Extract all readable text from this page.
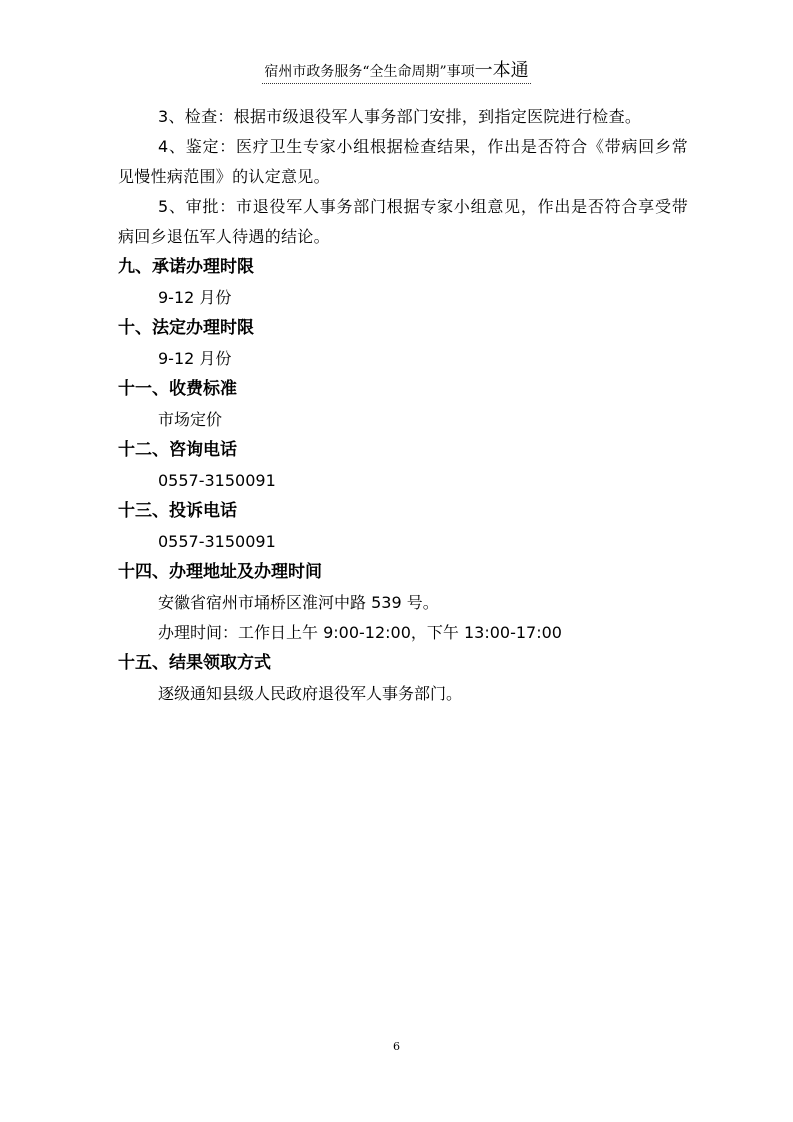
宿州市政务服务“全生命周期”事项一本通

3、检查：根据市级退役军人事务部门安排，到指定医院进行检查。

4、鉴定：医疗卫生专家小组根据检查结果，作出是否符合《带病回乡常见慢性病范围》的认定意见。

5、审批：市退役军人事务部门根据专家小组意见，作出是否符合享受带病回乡退伍军人待遇的结论。

九、承诺办理时限
9-12 月份
十、法定办理时限
9-12 月份
十一、收费标准
市场定价
十二、咨询电话
0557-3150091
十三、投诉电话
0557-3150091
十四、办理地址及办理时间
安徽省宿州市埇桥区淮河中路 539 号。
办理时间：工作日上午 9:00-12:00，下午 13:00-17:00
十五、结果领取方式
逐级通知县级人民政府退役军人事务部门。
6
